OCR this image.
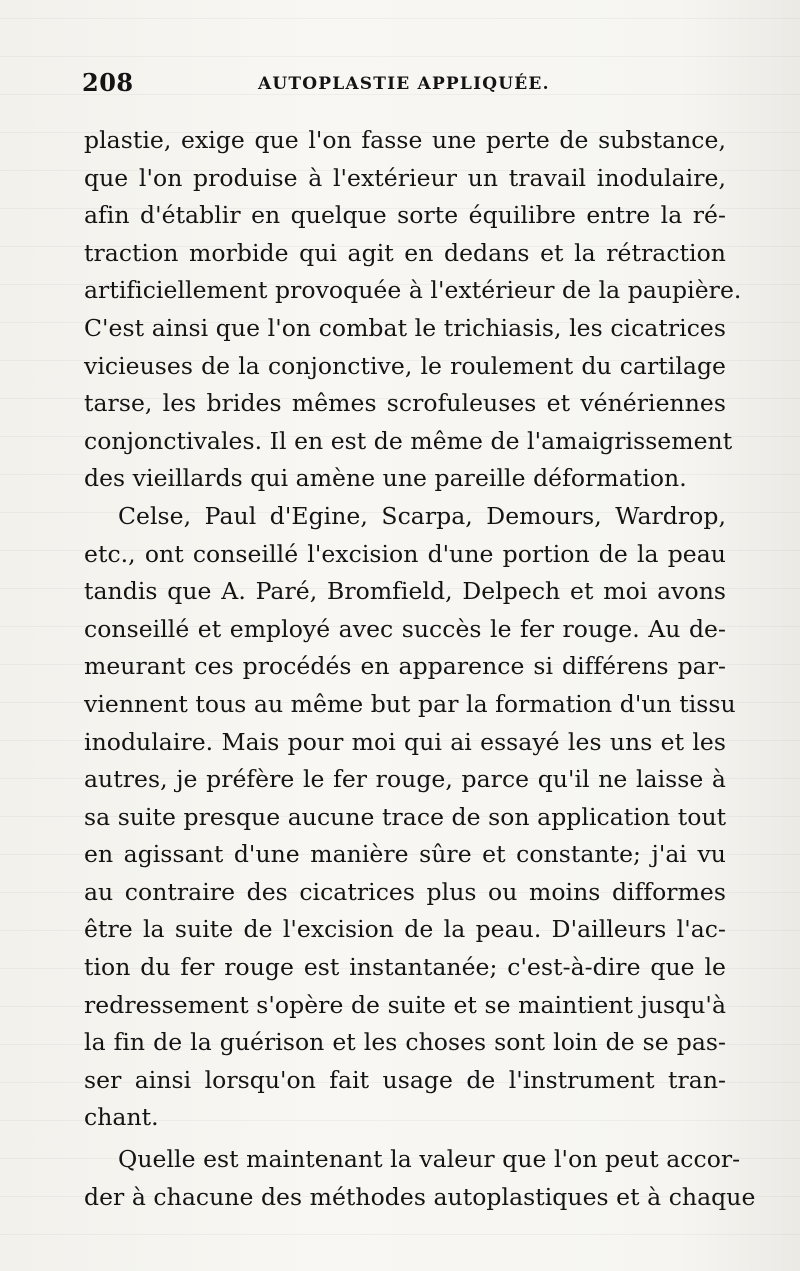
208	AUTOPLASTIE APPLIQUÉE.
plastie, exige que l'on fasse une perte de substance,
que l'on produise à l'extérieur un travail inodulaire,
afin d'établir en quelque sorte équilibre entre la ré-
traction morbide qui agit en dedans et la rétraction
artificiellement provoquée à l'extérieur de la paupière.
C'est ainsi que l'on combat le trichiasis, les cicatrices
vicieuses de la conjonctive, le roulement du cartilage
tarse, les brides mêmes scrofuleuses et vénériennes
conjonctivales. Il en est de même de l'amaigrissement
des vieillards qui amène une pareille déformation.
Celse, Paul d'Egine, Scarpa, Demours, Wardrop,
etc., ont conseillé l'excision d'une portion de la peau
tandis que A. Paré, Bromfield, Delpech et moi avons
conseillé et employé avec succès le fer rouge. Au de-
meurant ces procédés en apparence si différens par-
viennent tous au même but par la formation d'un tissu
inodulaire. Mais pour moi qui ai essayé les uns et les
autres, je préfère le fer rouge, parce qu'il ne laisse à
sa suite presque aucune trace de son application tout
en agissant d'une manière sûre et constante; j'ai vu
au contraire des cicatrices plus ou moins difformes
être la suite de l'excision de la peau. D'ailleurs l'ac-
tion du fer rouge est instantanée; c'est-à-dire que le
redressement s'opère de suite et se maintient jusqu'à
la fin de la guérison et les choses sont loin de se pas-
ser ainsi lorsqu'on fait usage de l'instrument tran-
chant.
Quelle est maintenant la valeur que l'on peut accor-
der à chacune des méthodes autoplastiques et à chaque
